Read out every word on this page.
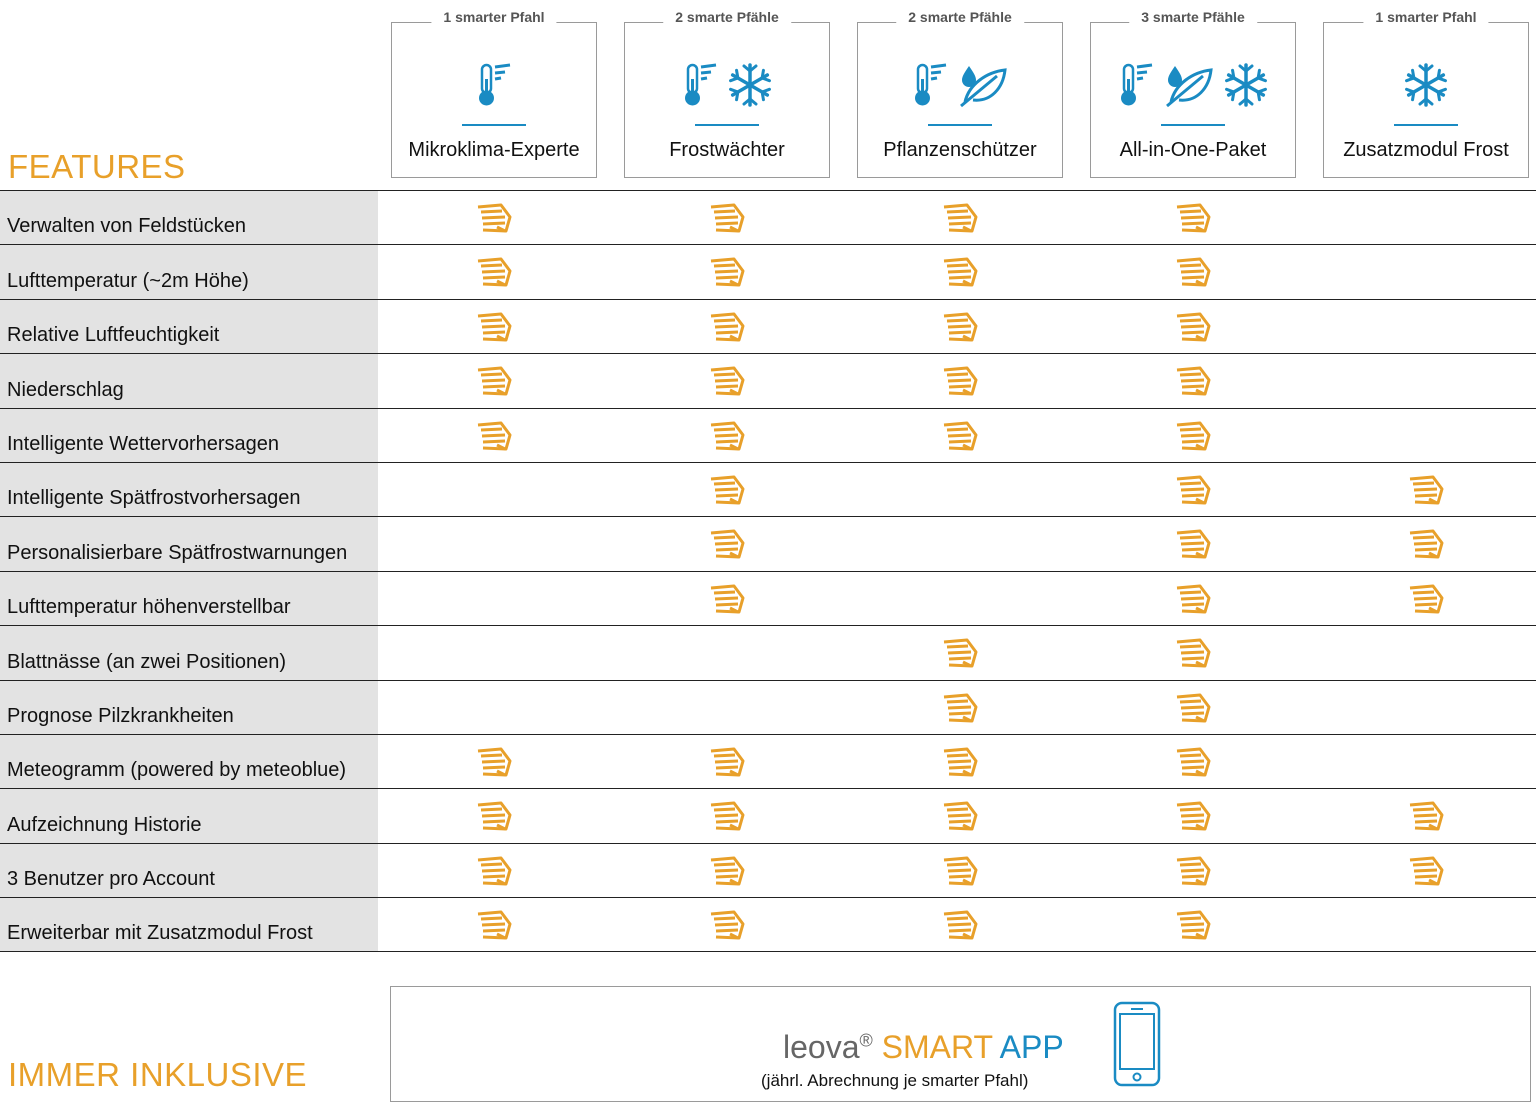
FEATURES
IMMER INKLUSIVE
1 smarter Pfahl
Mikroklima-Experte
2 smarte Pfähle
Frostwächter
2 smarte Pfähle
Pflanzenschützer
3 smarte Pfähle
All-in-One-Paket
1 smarter Pfahl
Zusatzmodul Frost
Verwalten von Feldstücken
Lufttemperatur (~2m Höhe)
Relative Luftfeuchtigkeit
Niederschlag
Intelligente Wettervorhersagen
Intelligente Spätfrostvorhersagen
Personalisierbare Spätfrostwarnungen
Lufttemperatur höhenverstellbar
Blattnässe (an zwei Positionen)
Prognose Pilzkrankheiten
Meteogramm (powered by meteoblue)
Aufzeichnung Historie
3 Benutzer pro Account
Erweiterbar mit Zusatzmodul Frost
leova® SMART APP
(jährl. Abrechnung je smarter Pfahl)
